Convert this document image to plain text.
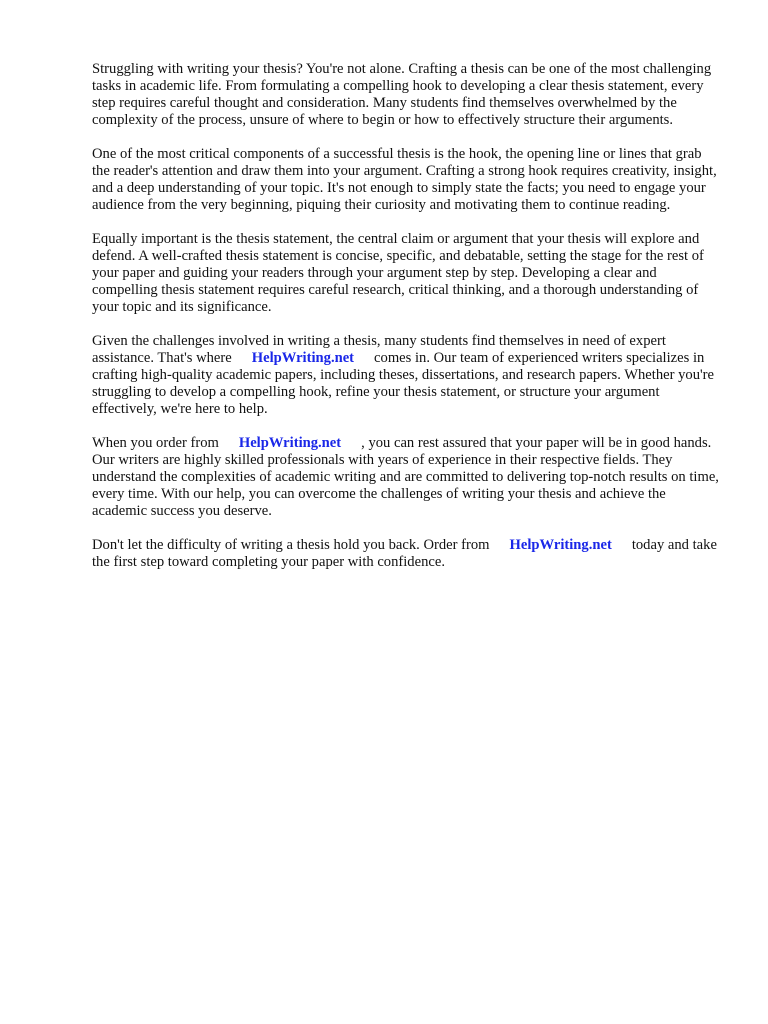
Struggling with writing your thesis? You're not alone. Crafting a thesis can be one of the most challenging tasks in academic life. From formulating a compelling hook to developing a clear thesis statement, every step requires careful thought and consideration. Many students find themselves overwhelmed by the complexity of the process, unsure of where to begin or how to effectively structure their arguments.

One of the most critical components of a successful thesis is the hook, the opening line or lines that grab the reader's attention and draw them into your argument. Crafting a strong hook requires creativity, insight, and a deep understanding of your topic. It's not enough to simply state the facts; you need to engage your audience from the very beginning, piquing their curiosity and motivating them to continue reading.

Equally important is the thesis statement, the central claim or argument that your thesis will explore and defend. A well-crafted thesis statement is concise, specific, and debatable, setting the stage for the rest of your paper and guiding your readers through your argument step by step. Developing a clear and compelling thesis statement requires careful research, critical thinking, and a thorough understanding of your topic and its significance.

Given the challenges involved in writing a thesis, many students find themselves in need of expert assistance. That's where HelpWriting.net comes in. Our team of experienced writers specializes in crafting high-quality academic papers, including theses, dissertations, and research papers. Whether you're struggling to develop a compelling hook, refine your thesis statement, or structure your argument effectively, we're here to help.

When you order from HelpWriting.net , you can rest assured that your paper will be in good hands. Our writers are highly skilled professionals with years of experience in their respective fields. They understand the complexities of academic writing and are committed to delivering top-notch results on time, every time. With our help, you can overcome the challenges of writing your thesis and achieve the academic success you deserve.

Don't let the difficulty of writing a thesis hold you back. Order from HelpWriting.net today and take the first step toward completing your paper with confidence.
